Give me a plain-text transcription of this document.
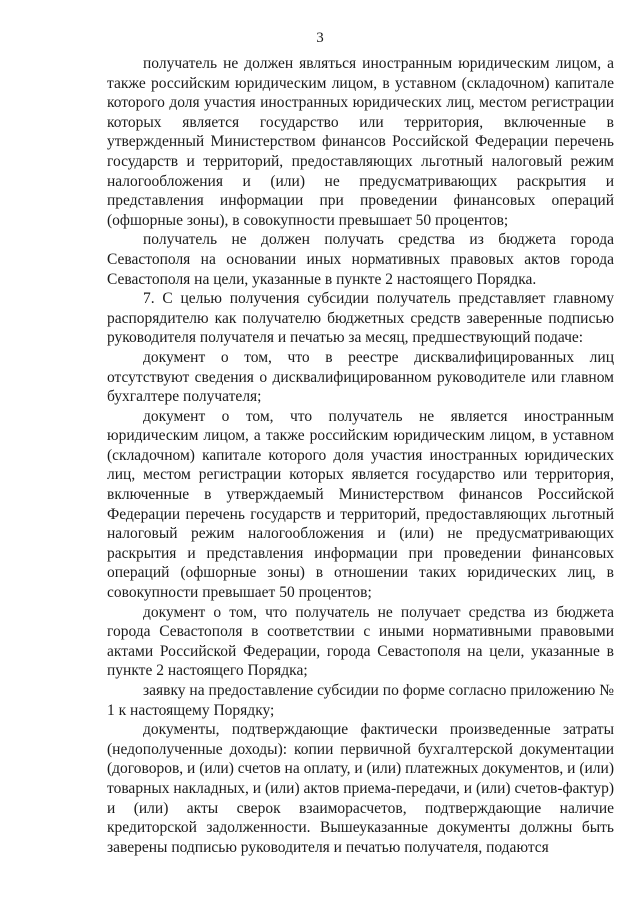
3

получатель не должен являться иностранным юридическим лицом, а также российским юридическим лицом, в уставном (складочном) капитале которого доля участия иностранных юридических лиц, местом регистрации которых является государство или территория, включенные в утвержденный Министерством финансов Российской Федерации перечень государств и территорий, предоставляющих льготный налоговый режим налогообложения и (или) не предусматривающих раскрытия и представления информации при проведении финансовых операций (офшорные зоны), в совокупности превышает 50 процентов;

получатель не должен получать средства из бюджета города Севастополя на основании иных нормативных правовых актов города Севастополя на цели, указанные в пункте 2 настоящего Порядка.

7. С целью получения субсидии получатель представляет главному распорядителю как получателю бюджетных средств заверенные подписью руководителя получателя и печатью за месяц, предшествующий подаче:

документ о том, что в реестре дисквалифицированных лиц отсутствуют сведения о дисквалифицированном руководителе или главном бухгалтере получателя;

документ о том, что получатель не является иностранным юридическим лицом, а также российским юридическим лицом, в уставном (складочном) капитале которого доля участия иностранных юридических лиц, местом регистрации которых является государство или территория, включенные в утверждаемый Министерством финансов Российской Федерации перечень государств и территорий, предоставляющих льготный налоговый режим налогообложения и (или) не предусматривающих раскрытия и представления информации при проведении финансовых операций (офшорные зоны) в отношении таких юридических лиц, в совокупности превышает 50 процентов;

документ о том, что получатель не получает средства из бюджета города Севастополя в соответствии с иными нормативными правовыми актами Российской Федерации, города Севастополя на цели, указанные в пункте 2 настоящего Порядка;

заявку на предоставление субсидии по форме согласно приложению № 1 к настоящему Порядку;

документы, подтверждающие фактически произведенные затраты (недополученные доходы): копии первичной бухгалтерской документации (договоров, и (или) счетов на оплату, и (или) платежных документов, и (или) товарных накладных, и (или) актов приема-передачи, и (или) счетов-фактур) и (или) акты сверок взаиморасчетов, подтверждающие наличие кредиторской задолженности. Вышеуказанные документы должны быть заверены подписью руководителя и печатью получателя, подаются
